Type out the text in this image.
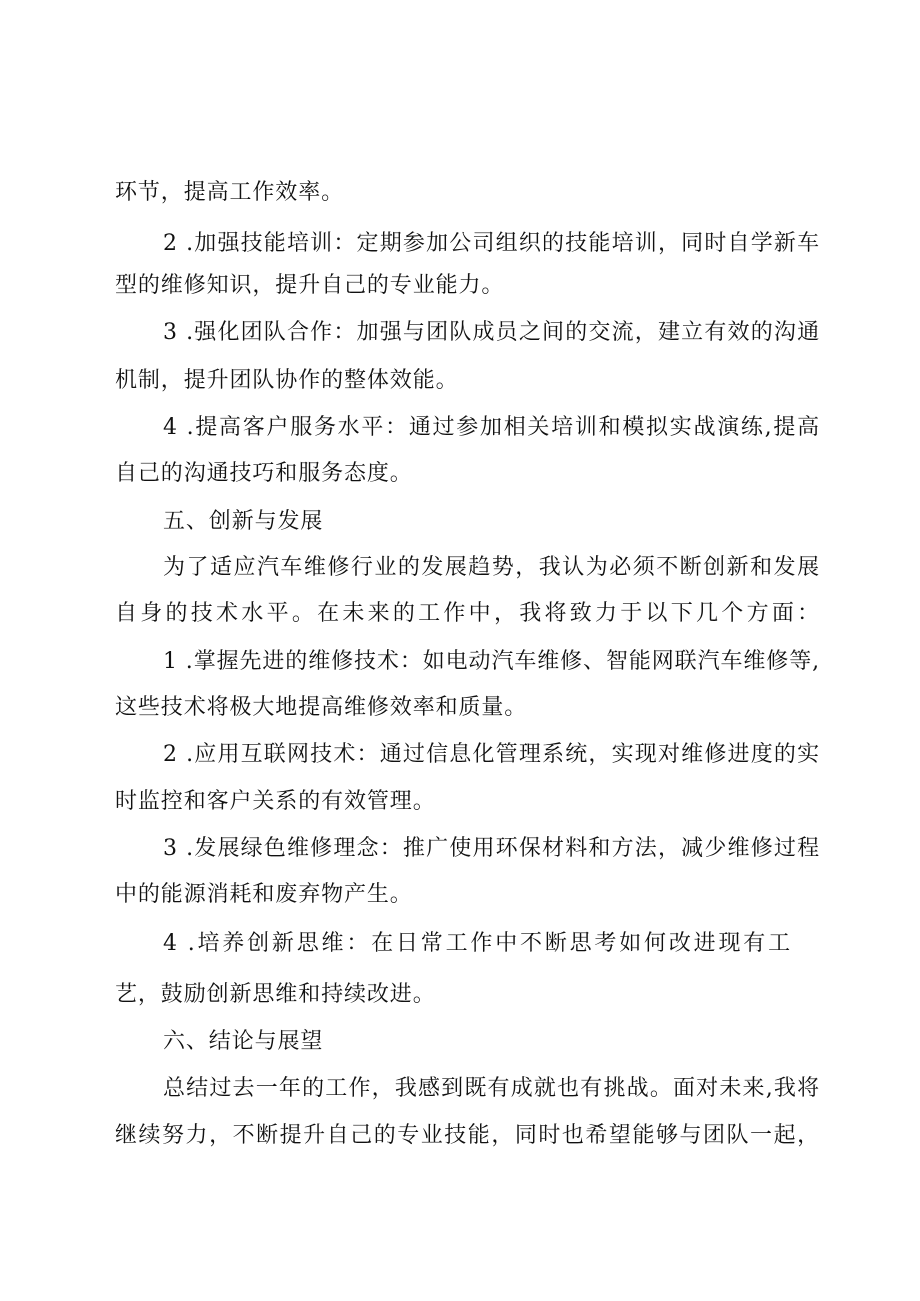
环节，提高工作效率。
2 .加强技能培训：定期参加公司组织的技能培训，同时自学新车
型的维修知识，提升自己的专业能力。
3 .强化团队合作：加强与团队成员之间的交流，建立有效的沟通
机制，提升团队协作的整体效能。
4 .提高客户服务水平：通过参加相关培训和模拟实战演练,提高
自己的沟通技巧和服务态度。
五、创新与发展
为了适应汽车维修行业的发展趋势，我认为必须不断创新和发展
自身的技术水平。在未来的工作中，我将致力于以下几个方面：
1 .掌握先进的维修技术：如电动汽车维修、智能网联汽车维修等,
这些技术将极大地提高维修效率和质量。
2 .应用互联网技术：通过信息化管理系统，实现对维修进度的实
时监控和客户关系的有效管理。
3 .发展绿色维修理念：推广使用环保材料和方法，减少维修过程
中的能源消耗和废弃物产生。
4 .培养创新思维：在日常工作中不断思考如何改进现有工
艺，鼓励创新思维和持续改进。
六、结论与展望
总结过去一年的工作，我感到既有成就也有挑战。面对未来,我将
继续努力，不断提升自己的专业技能，同时也希望能够与团队一起，
